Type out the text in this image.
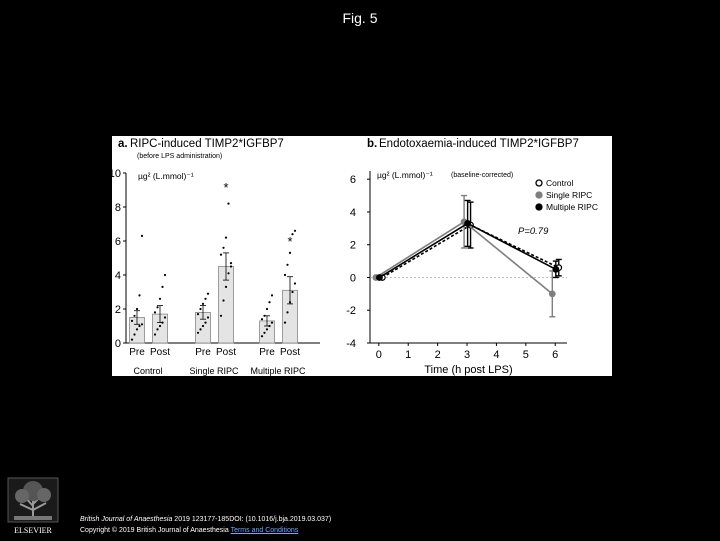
Fig. 5
a. RIPC-induced TIMP2*IGFBP7
(before LPS administration)
µg² (L.mmol)⁻¹
0
2
4
6
8
10
Pre Post	Pre Post Pre Post
*
*
Control	Single RIPC Multiple RIPC
b. Endotoxaemia-induced TIMP2*IGFBP7
µg² (L.mmol)⁻¹	(baseline-corrected)
-4
-2
0
2
4
6
0 1 2 3 4 5 6
Time (h post LPS)
Control
Single RIPC
Multiple RIPC
P=0.79
ELSEVIER
British Journal of Anaesthesia 2019 123177-185DOI: (10.1016/j.bja.2019.03.037)
Copyright © 2019 British Journal of Anaesthesia Terms and Conditions
